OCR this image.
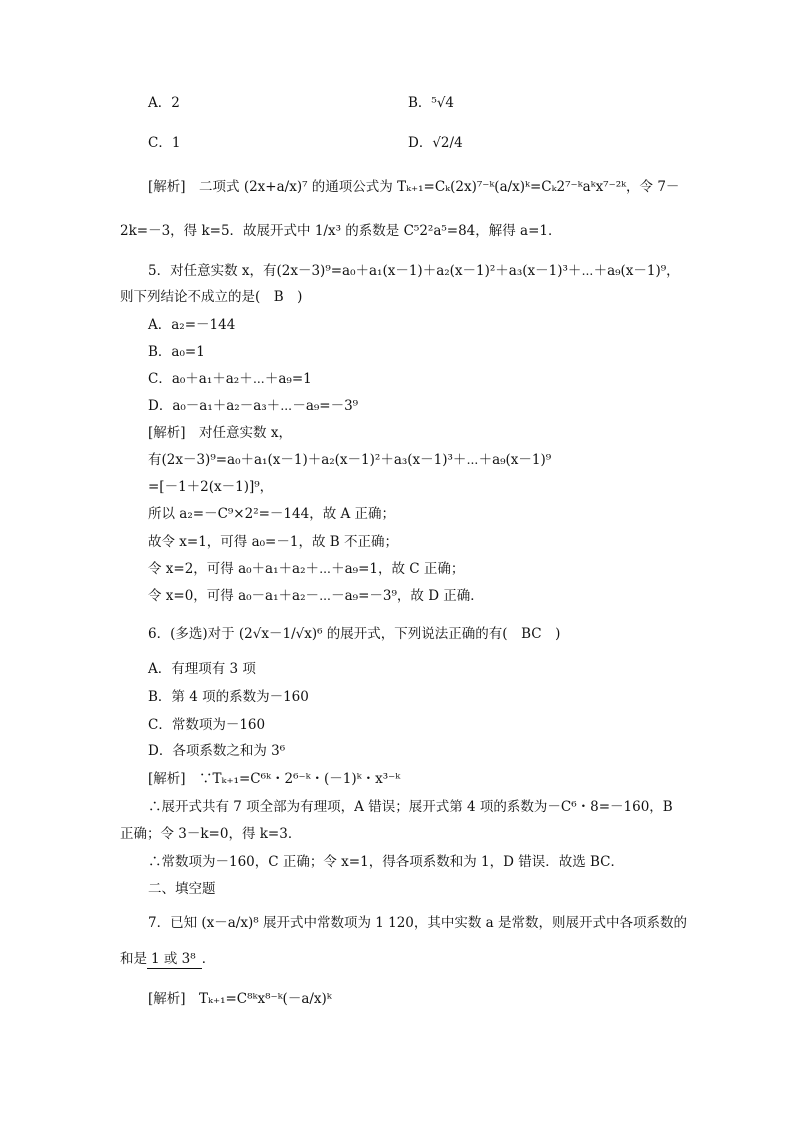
A．2	B．⁵√4
C．1	D．√2/4
[解析]　二项式 (2x+a/x)⁷ 的通项公式为 Tₖ₊₁=Cₖ(2x)⁷⁻ᵏ(a/x)ᵏ=Cₖ2⁷⁻ᵏaᵏx⁷⁻²ᵏ，令 7－
2k=－3，得 k=5．故展开式中 1/x³ 的系数是 C⁵2²a⁵=84，解得 a=1．
5．对任意实数 x，有(2x－3)⁹=a₀＋a₁(x－1)＋a₂(x－1)²＋a₃(x－1)³＋⋯＋a₉(x－1)⁹，
则下列结论不成立的是(　B　)
A．a₂=－144
B．a₀=1
C．a₀＋a₁＋a₂＋⋯＋a₉=1
D．a₀－a₁＋a₂－a₃＋⋯－a₉=－3⁹
[解析]　对任意实数 x，
有(2x－3)⁹=a₀＋a₁(x－1)＋a₂(x－1)²＋a₃(x－1)³＋⋯＋a₉(x－1)⁹
=[－1＋2(x－1)]⁹，
所以 a₂=－C⁹×2²=－144，故 A 正确；
故令 x=1，可得 a₀=－1，故 B 不正确；
令 x=2，可得 a₀＋a₁＋a₂＋⋯＋a₉=1，故 C 正确；
令 x=0，可得 a₀－a₁＋a₂－⋯－a₉=－3⁹，故 D 正确．
6．(多选)对于 (2√x－1/√x)⁶ 的展开式，下列说法正确的有(　BC　)
A．有理项有 3 项
B．第 4 项的系数为－160
C．常数项为－160
D．各项系数之和为 3⁶
[解析]　∵Tₖ₊₁=C⁶ᵏ・2⁶⁻ᵏ・(－1)ᵏ・x³⁻ᵏ
∴展开式共有 7 项全部为有理项，A 错误；展开式第 4 项的系数为－C⁶・8=－160，B
正确；令 3－k=0，得 k=3．
∴常数项为－160，C 正确；令 x=1，得各项系数和为 1，D 错误．故选 BC．
二、填空题
7．已知 (x－a/x)⁸ 展开式中常数项为 1 120，其中实数 a 是常数，则展开式中各项系数的
和是 1 或 3⁸ ．
[解析]　Tₖ₊₁=C⁸ᵏx⁸⁻ᵏ(－a/x)ᵏ
